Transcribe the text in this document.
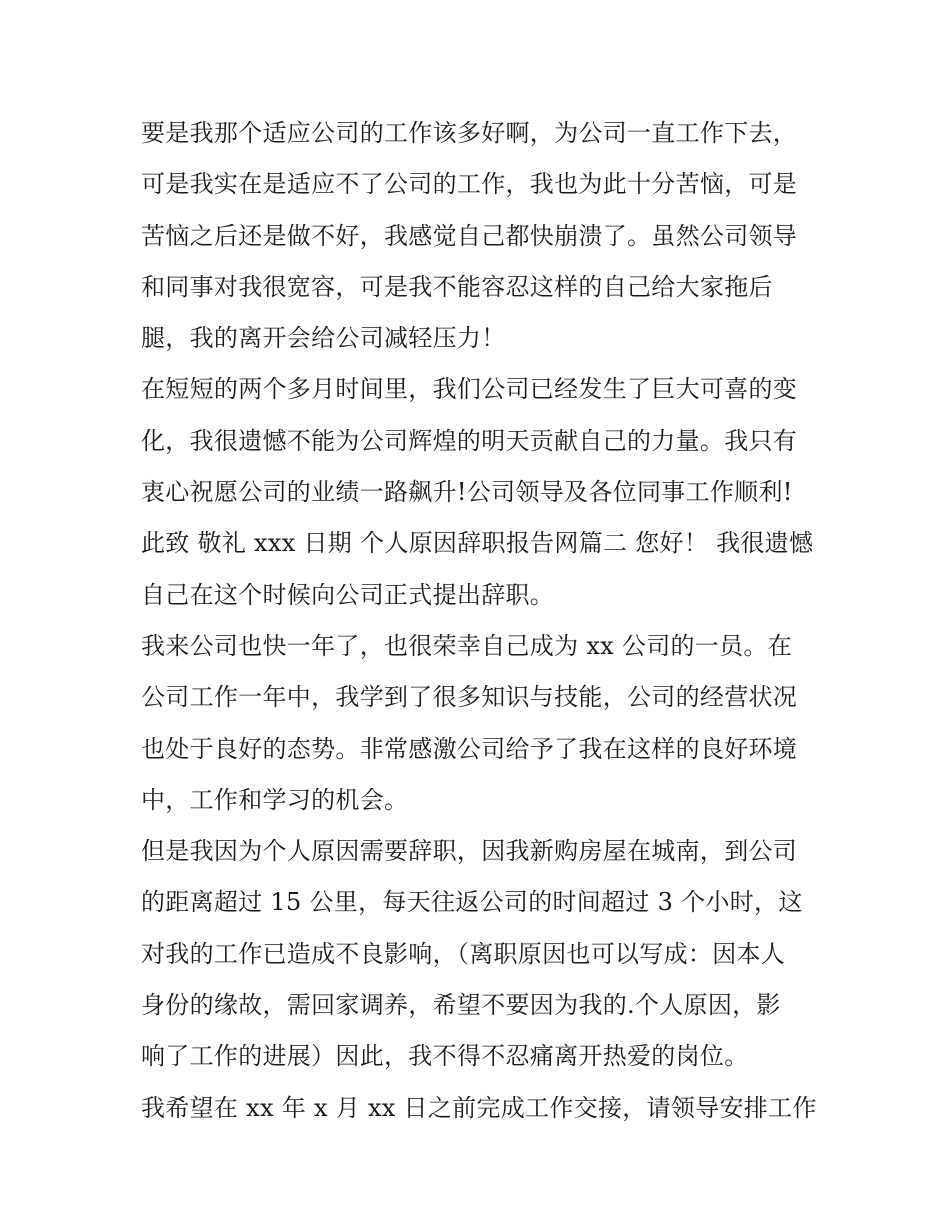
要是我那个适应公司的工作该多好啊，为公司一直工作下去，
可是我实在是适应不了公司的工作，我也为此十分苦恼，可是
苦恼之后还是做不好，我感觉自己都快崩溃了。虽然公司领导
和同事对我很宽容，可是我不能容忍这样的自己给大家拖后
腿，我的离开会给公司减轻压力！
在短短的两个多月时间里，我们公司已经发生了巨大可喜的变
化，我很遗憾不能为公司辉煌的明天贡献自己的力量。我只有
衷心祝愿公司的业绩一路飙升!公司领导及各位同事工作顺利!
此致 敬礼 xxx 日期 个人原因辞职报告网篇二 您好！ 我很遗憾
自己在这个时候向公司正式提出辞职。
我来公司也快一年了，也很荣幸自己成为 xx 公司的一员。在
公司工作一年中，我学到了很多知识与技能，公司的经营状况
也处于良好的态势。非常感激公司给予了我在这样的良好环境
中，工作和学习的机会。
但是我因为个人原因需要辞职，因我新购房屋在城南，到公司
的距离超过 15 公里，每天往返公司的时间超过 3 个小时，这
对我的工作已造成不良影响，（离职原因也可以写成：因本人
身份的缘故，需回家调养，希望不要因为我的.个人原因，影
响了工作的进展）因此，我不得不忍痛离开热爱的岗位。
我希望在 xx 年 x 月 xx 日之前完成工作交接，请领导安排工作
